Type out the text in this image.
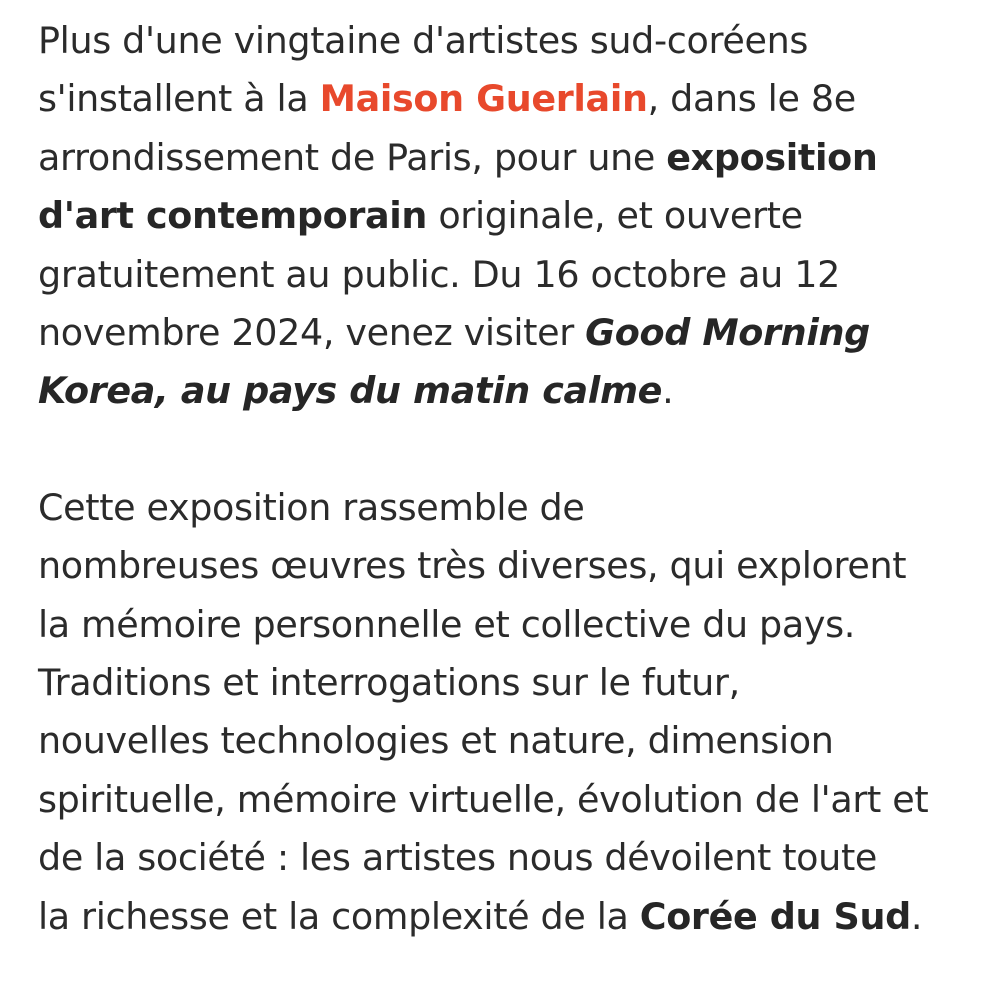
Plus d'une vingtaine d'artistes sud-coréens
s'installent à la Maison Guerlain, dans le 8e
arrondissement de Paris, pour une exposition
d'art contemporain originale, et ouverte
gratuitement au public. Du 16 octobre au 12
novembre 2024, venez visiter Good Morning
Korea, au pays du matin calme.

Cette exposition rassemble de
nombreuses œuvres très diverses, qui explorent
la mémoire personnelle et collective du pays.
Traditions et interrogations sur le futur,
nouvelles technologies et nature, dimension
spirituelle, mémoire virtuelle, évolution de l'art et
de la société : les artistes nous dévoilent toute
la richesse et la complexité de la Corée du Sud.
